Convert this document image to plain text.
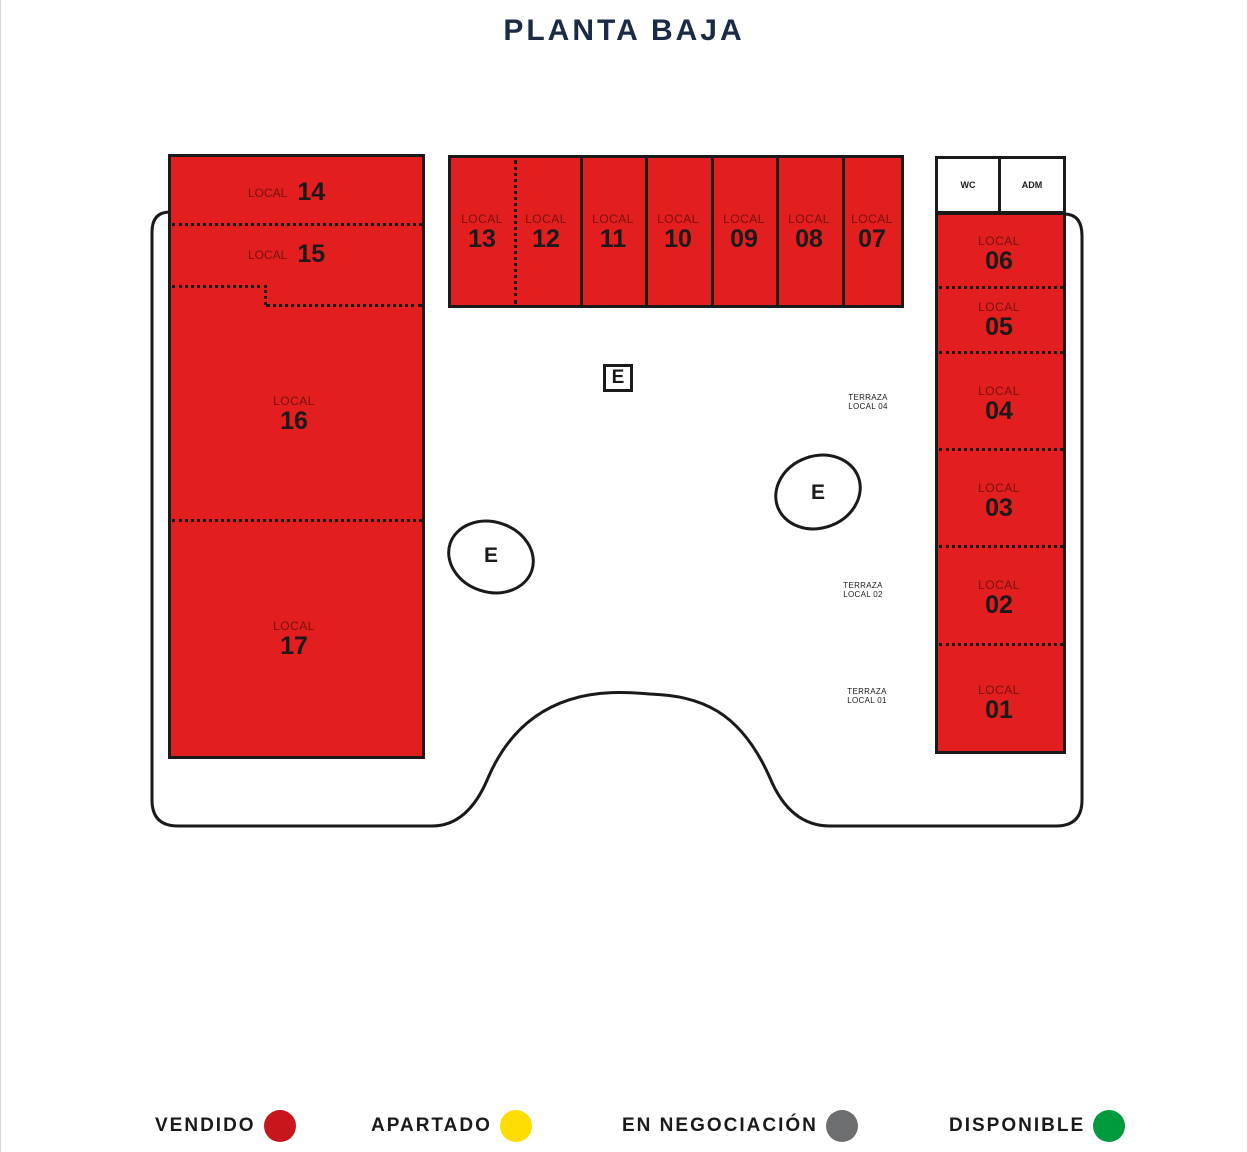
PLANTA BAJA
LOCAL 14
LOCAL 15
LOCAL
16
LOCAL
17
LOCAL
13
LOCAL
12
LOCAL
11
LOCAL
10
LOCAL
09
LOCAL
08
LOCAL
07
WC	ADM
LOCAL
06
LOCAL
05
LOCAL
04
LOCAL
03
LOCAL
02
LOCAL
01
TERRAZA
LOCAL 04
TERRAZA
LOCAL 02
TERRAZA
LOCAL 01
E
E
E
VENDIDO	APARTADO	EN NEGOCIACIÓN	DISPONIBLE
